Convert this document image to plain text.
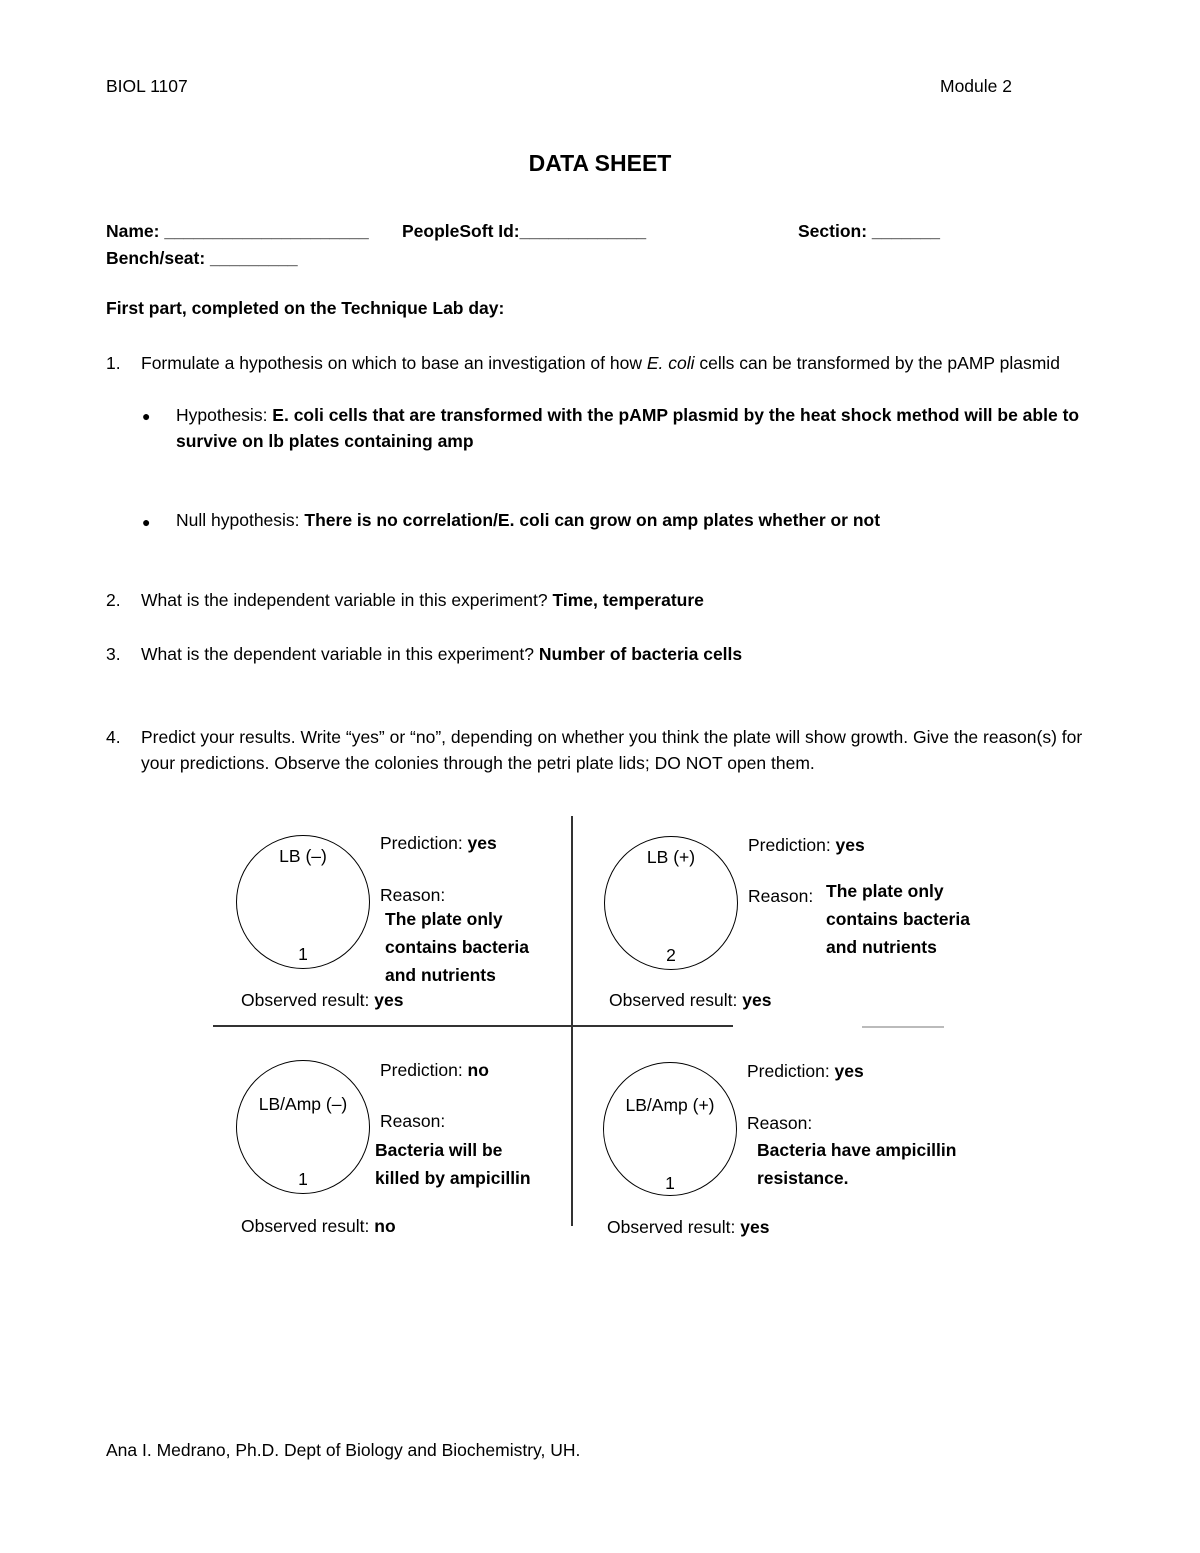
BIOL 1107	Module 2
DATA SHEET
Name: _____________________ PeopleSoft Id:_____________	Section: _______
Bench/seat: _________
First part, completed on the Technique Lab day:
1. Formulate a hypothesis on which to base an investigation of how E. coli cells can be transformed by the pAMP plasmid
● Hypothesis: E. coli cells that are transformed with the pAMP plasmid by the heat shock method will be able to survive on lb plates containing amp
● Null hypothesis: There is no correlation/E. coli can grow on amp plates whether or not
2. What is the independent variable in this experiment? Time, temperature
3. What is the dependent variable in this experiment? Number of bacteria cells
4. Predict your results. Write “yes” or “no”, depending on whether you think the plate will show growth. Give the reason(s) for your predictions. Observe the colonies through the petri plate lids; DO NOT open them.
LB (–)
1
Prediction: yes
Reason:
The plate only
contains bacteria
and nutrients
Observed result: yes
LB (+)
2
Prediction: yes
Reason: The plate only
contains bacteria
and nutrients
Observed result: yes
LB/Amp (–)
1
Prediction: no
Reason:
Bacteria will be
killed by ampicillin
Observed result: no
LB/Amp (+)
1
Prediction: yes
Reason:
Bacteria have ampicillin
resistance.
Observed result: yes
Ana I. Medrano, Ph.D. Dept of Biology and Biochemistry, UH.
